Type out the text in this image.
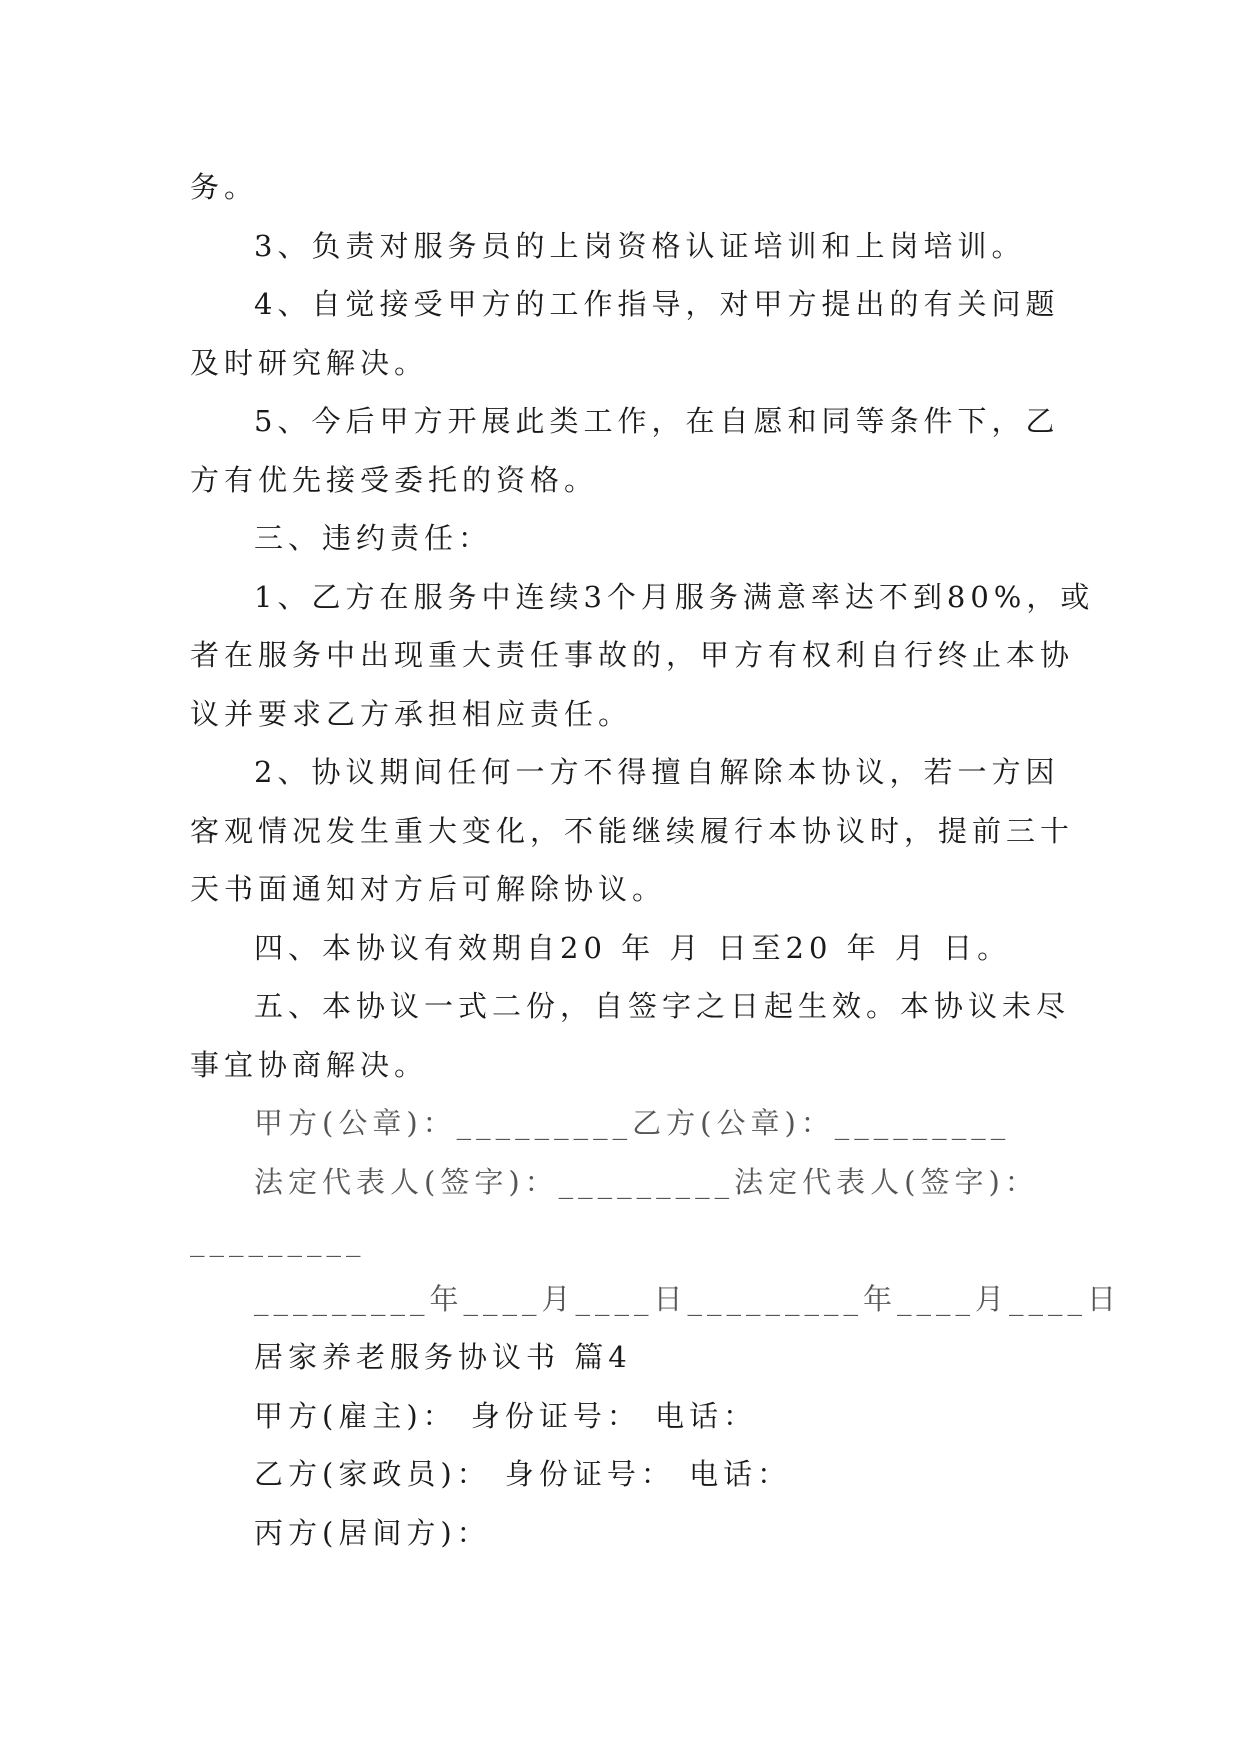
务。
3、负责对服务员的上岗资格认证培训和上岗培训。
4、自觉接受甲方的工作指导，对甲方提出的有关问题
及时研究解决。
5、今后甲方开展此类工作，在自愿和同等条件下，乙
方有优先接受委托的资格。
三、违约责任：
1、乙方在服务中连续3个月服务满意率达不到80%，或
者在服务中出现重大责任事故的，甲方有权利自行终止本协
议并要求乙方承担相应责任。
2、协议期间任何一方不得擅自解除本协议，若一方因
客观情况发生重大变化，不能继续履行本协议时，提前三十
天书面通知对方后可解除协议。
四、本协议有效期自20 年 月 日至20 年 月 日。
五、本协议一式二份，自签字之日起生效。本协议未尽
事宜协商解决。
甲方(公章)：_________乙方(公章)：_________
法定代表人(签字)：_________法定代表人(签字)：
_________
_________年____月____日_________年____月____日
居家养老服务协议书 篇4
甲方(雇主)： 身份证号： 电话：
乙方(家政员)： 身份证号： 电话：
丙方(居间方)：
